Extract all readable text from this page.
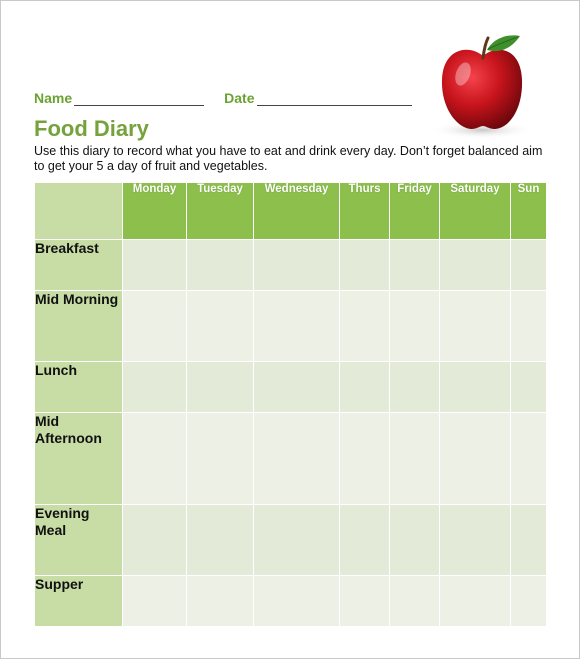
Name	Date
Food Diary

Use this diary to record what you have to eat and drink every day. Don’t forget balanced aim to get your 5 a day of fruit and vegetables.

	Monday	Tuesday	Wednesday	Thurs	Friday	Saturday	Sun
Breakfast							
Mid Morning							
Lunch							
Mid Afternoon							
Evening Meal							
Supper							
